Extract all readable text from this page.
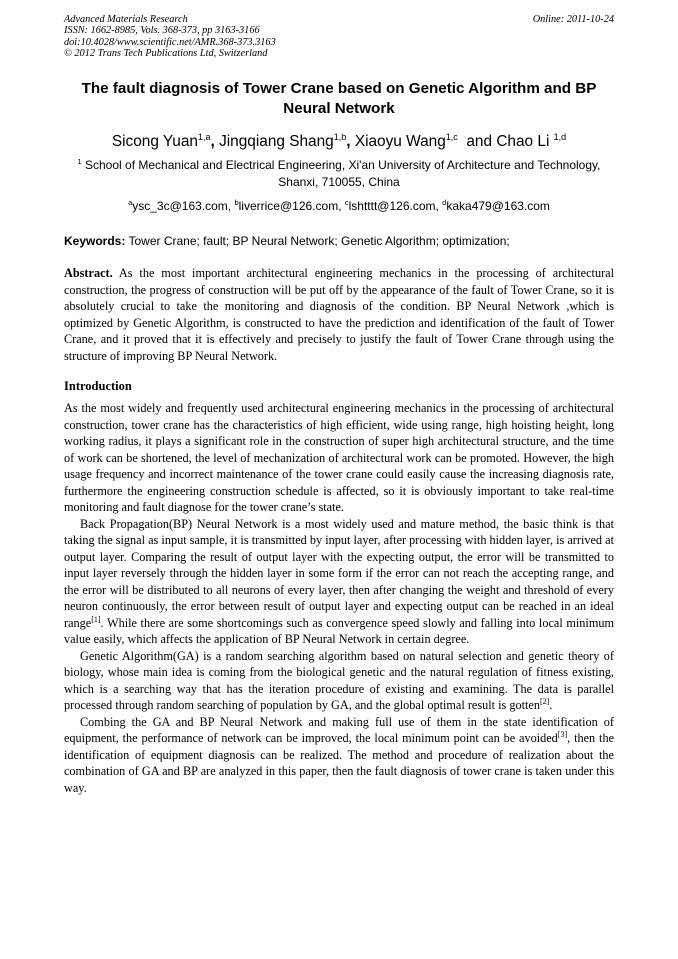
Advanced Materials Research
ISSN: 1662-8985, Vols. 368-373, pp 3163-3166
doi:10.4028/www.scientific.net/AMR.368-373.3163
© 2012 Trans Tech Publications Ltd, Switzerland
Online: 2011-10-24
The fault diagnosis of Tower Crane based on Genetic Algorithm and BP Neural Network
Sicong Yuan$^{1,a}$, Jingqiang Shang$^{1,b}$, Xiaoyu Wang$^{1,c}$  and Chao Li $^{1,d}$
$^1$ School of Mechanical and Electrical Engineering, Xi'an University of Architecture and Technology, Shanxi, 710055, China
$^a$ysc_3c@163.com, $^b$liverrice@126.com, $^c$lshtttt@126.com, $^d$kaka479@163.com
Keywords: Tower Crane; fault; BP Neural Network; Genetic Algorithm; optimization;
Abstract. As the most important architectural engineering mechanics in the processing of architectural construction, the progress of construction will be put off by the appearance of the fault of Tower Crane, so it is absolutely crucial to take the monitoring and diagnosis of the condition. BP Neural Network ,which is optimized by Genetic Algorithm, is constructed to have the prediction and identification of the fault of Tower Crane, and it proved that it is effectively and precisely to justify the fault of Tower Crane through using the structure of improving BP Neural Network.
Introduction
As the most widely and frequently used architectural engineering mechanics in the processing of architectural construction, tower crane has the characteristics of high efficient, wide using range, high hoisting height, long working radius, it plays a significant role in the construction of super high architectural structure, and the time of work can be shortened, the level of mechanization of architectural work can be promoted. However, the high usage frequency and incorrect maintenance of the tower crane could easily cause the increasing diagnosis rate, furthermore the engineering construction schedule is affected, so it is obviously important to take real-time monitoring and fault diagnose for the tower crane’s state.
Back Propagation(BP) Neural Network is a most widely used and mature method, the basic think is that taking the signal as input sample, it is transmitted by input layer, after processing with hidden layer, is arrived at output layer. Comparing the result of output layer with the expecting output, the error will be transmitted to input layer reversely through the hidden layer in some form if the error can not reach the accepting range, and the error will be distributed to all neurons of every layer, then after changing the weight and threshold of every neuron continuously, the error between result of output layer and expecting output can be reached in an ideal range[1]. While there are some shortcomings such as convergence speed slowly and falling into local minimum value easily, which affects the application of BP Neural Network in certain degree.
Genetic Algorithm(GA) is a random searching algorithm based on natural selection and genetic theory of biology, whose main idea is coming from the biological genetic and the natural regulation of fitness existing, which is a searching way that has the iteration procedure of existing and examining. The data is parallel processed through random searching of population by GA, and the global optimal result is gotten[2].
Combing the GA and BP Neural Network and making full use of them in the state identification of equipment, the performance of network can be improved, the local minimum point can be avoided[3], then the identification of equipment diagnosis can be realized. The method and procedure of realization about the combination of GA and BP are analyzed in this paper, then the fault diagnosis of tower crane is taken under this way.
